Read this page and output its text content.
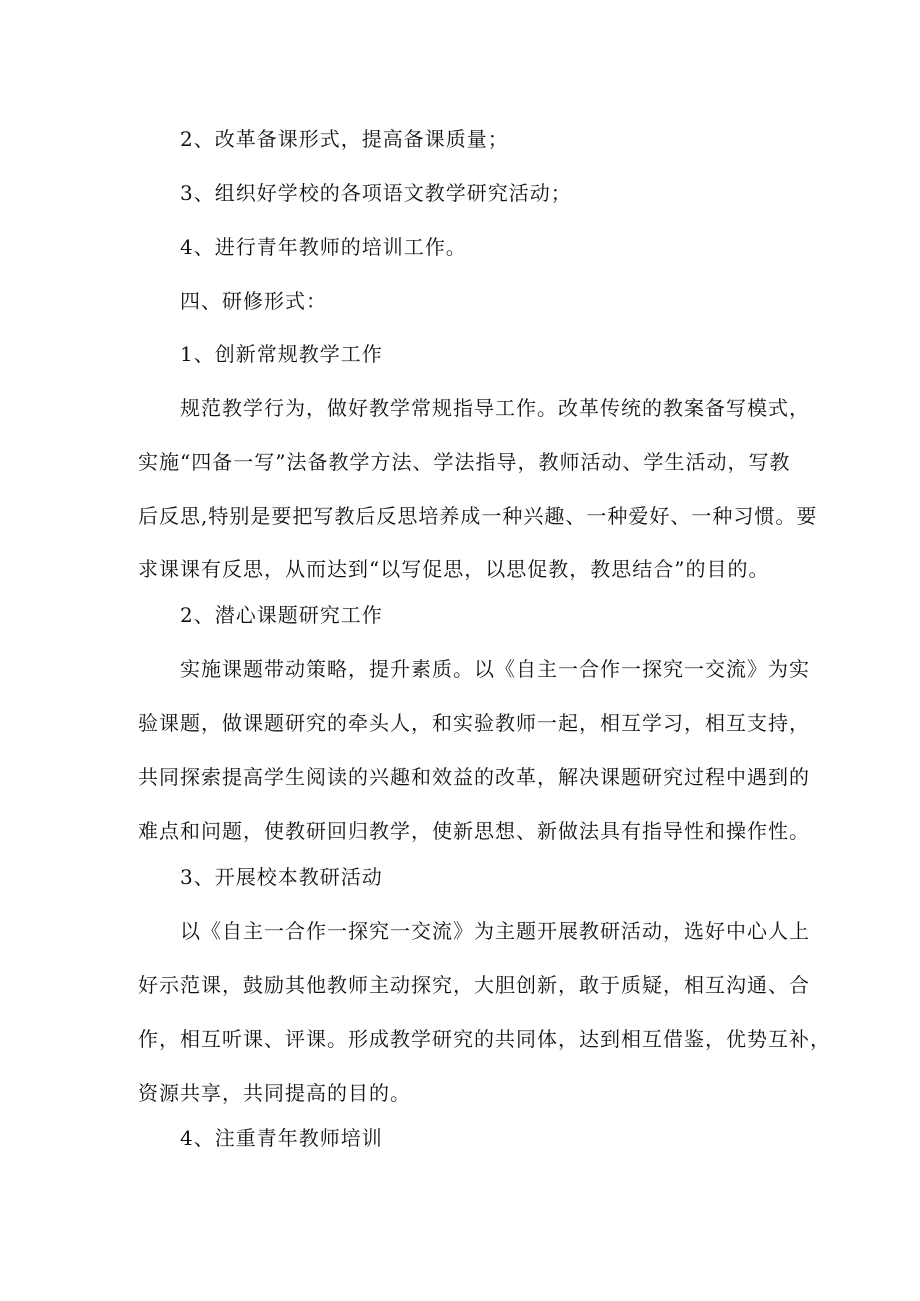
2、改革备课形式，提高备课质量；
3、组织好学校的各项语文教学研究活动；
4、进行青年教师的培训工作。
四、研修形式：
1、创新常规教学工作
规范教学行为，做好教学常规指导工作。改革传统的教案备写模式，
实施“四备一写”法备教学方法、学法指导，教师活动、学生活动，写教
后反思,特别是要把写教后反思培养成一种兴趣、一种爱好、一种习惯。要
求课课有反思，从而达到“以写促思，以思促教，教思结合”的目的。
2、潜心课题研究工作
实施课题带动策略，提升素质。以《自主一合作一探究一交流》为实
验课题，做课题研究的牵头人，和实验教师一起，相互学习，相互支持，
共同探索提高学生阅读的兴趣和效益的改革，解决课题研究过程中遇到的
难点和问题，使教研回归教学，使新思想、新做法具有指导性和操作性。
3、开展校本教研活动
以《自主一合作一探究一交流》为主题开展教研活动，选好中心人上
好示范课，鼓励其他教师主动探究，大胆创新，敢于质疑，相互沟通、合
作，相互听课、评课。形成教学研究的共同体，达到相互借鉴，优势互补，
资源共享，共同提高的目的。
4、注重青年教师培训
